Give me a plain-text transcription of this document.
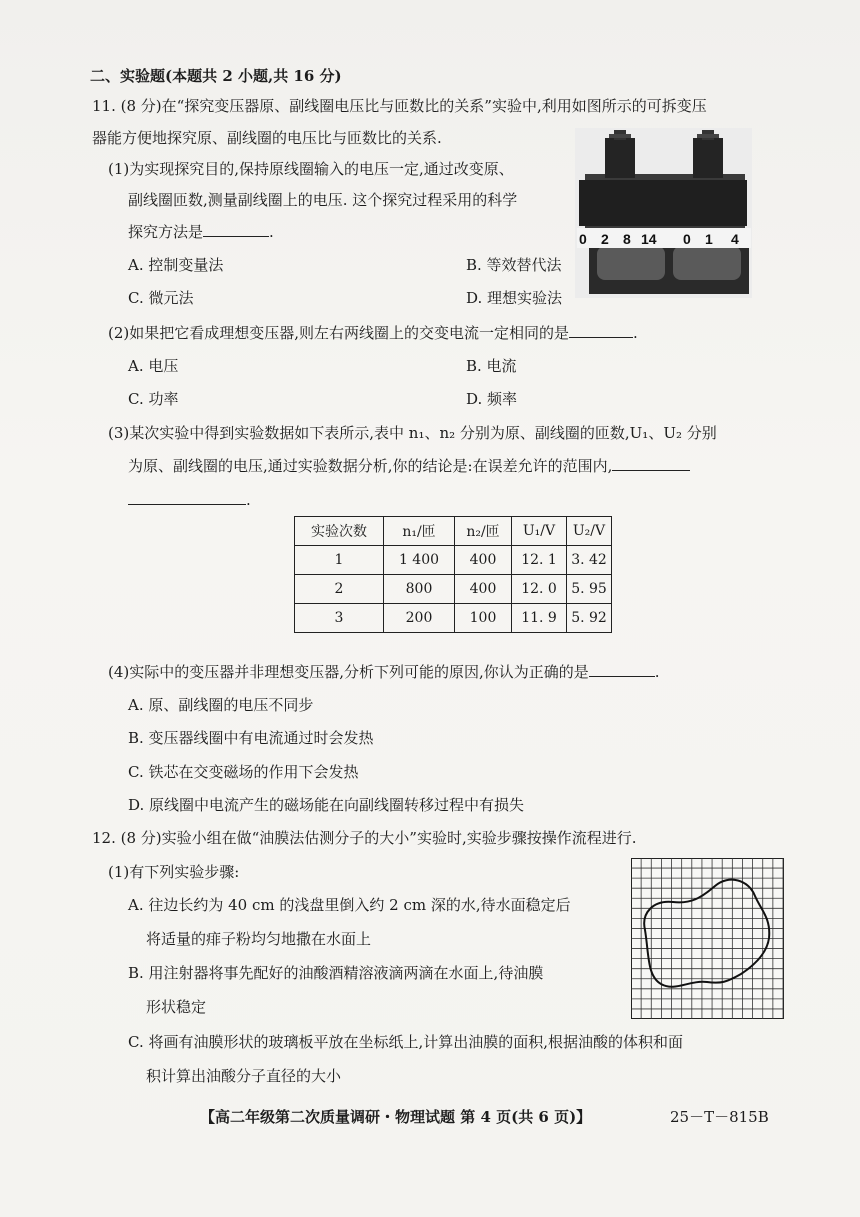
二、实验题(本题共 2 小题,共 16 分)
11. (8 分)在“探究变压器原、副线圈电压比与匝数比的关系”实验中,利用如图所示的可拆变压
器能方便地探究原、副线圈的电压比与匝数比的关系.
(1)为实现探究目的,保持原线圈输入的电压一定,通过改变原、
副线圈匝数,测量副线圈上的电压. 这个探究过程采用的科学
探究方法是	.
A. 控制变量法	B. 等效替代法
C. 微元法	D. 理想实验法
0 2 8 14 0 1 4
(2)如果把它看成理想变压器,则左右两线圈上的交变电流一定相同的是	.
A. 电压	B. 电流
C. 功率	D. 频率
(3)某次实验中得到实验数据如下表所示,表中 n₁、n₂ 分别为原、副线圈的匝数,U₁、U₂ 分别
为原、副线圈的电压,通过实验数据分析,你的结论是:在误差允许的范围内,
.
实验次数	n₁/匝	n₂/匝	U₁/V	U₂/V
1	1 400	400	12. 1	3. 42
2	800	400	12. 0	5. 95
3	200	100	11. 9	5. 92
(4)实际中的变压器并非理想变压器,分析下列可能的原因,你认为正确的是	.
A. 原、副线圈的电压不同步
B. 变压器线圈中有电流通过时会发热
C. 铁芯在交变磁场的作用下会发热
D. 原线圈中电流产生的磁场能在向副线圈转移过程中有损失
12. (8 分)实验小组在做“油膜法估测分子的大小”实验时,实验步骤按操作流程进行.
(1)有下列实验步骤:
A. 往边长约为 40 cm 的浅盘里倒入约 2 cm 深的水,待水面稳定后
将适量的痱子粉均匀地撒在水面上
B. 用注射器将事先配好的油酸酒精溶液滴两滴在水面上,待油膜
形状稳定
C. 将画有油膜形状的玻璃板平放在坐标纸上,计算出油膜的面积,根据油酸的体积和面
积计算出油酸分子直径的大小
【高二年级第二次质量调研・物理试题 第 4 页(共 6 页)】	25－T－815B
